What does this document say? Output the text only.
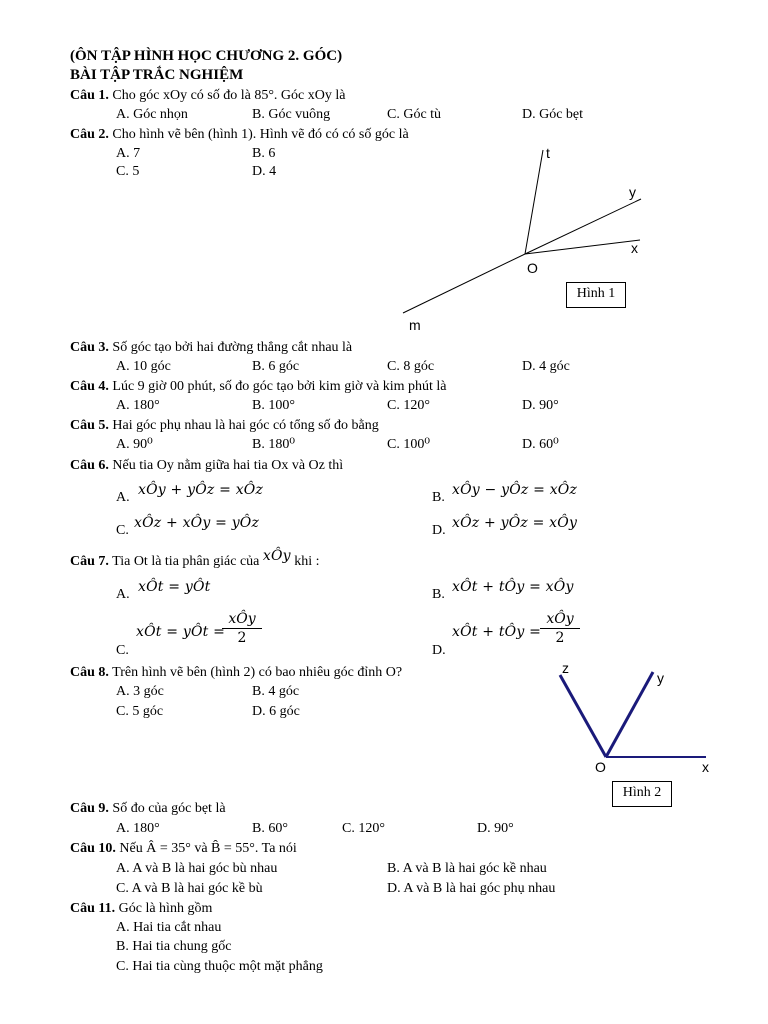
(ÔN TẬP HÌNH HỌC CHƯƠNG 2. GÓC)
BÀI TẬP TRẮC NGHIỆM
Câu 1. Cho góc xOy có số đo là 85°. Góc xOy là
A. Góc nhọn	B. Góc vuông	C. Góc tù	D. Góc bẹt
Câu 2. Cho hình vẽ bên (hình 1). Hình vẽ đó có có số góc là
A. 7	B. 6
C. 5	D. 4
t
y
x
O
m
Hình 1
Câu 3. Số góc tạo bởi hai đường thẳng cắt nhau là
A. 10 góc	B. 6 góc	C. 8 góc	D. 4 góc
Câu 4. Lúc 9 giờ 00 phút, số đo góc tạo bởi kim giờ và kim phút là
A. 180°	B. 100°	C. 120°	D. 90°
Câu 5. Hai góc phụ nhau là hai góc có tổng số đo bằng
A. 90⁰	B. 180⁰	C. 100⁰	D. 60⁰
Câu 6. Nếu tia Oy nằm giữa hai tia Ox và Oz thì
A. xÔy + yÔz = xÔz	B. xÔy − yÔz = xÔz
C. xÔz + xÔy = yÔz	D. xÔz + yÔz = xÔy
Câu 7. Tia Ot là tia phân giác của xÔy khi :
A. xÔt = yÔt	B. xÔt + tÔy = xÔy
C.
xÔt = yÔt =
xÔy
2
D.
xÔt + tÔy =
xÔy
2
Câu 8. Trên hình vẽ bên (hình 2) có bao nhiêu góc đỉnh O?
A. 3 góc	B. 4 góc
C. 5 góc	D. 6 góc
z
y
O	x
Hình 2
Câu 9. Số đo của góc bẹt là
A. 180°	B. 60°	C. 120°	D. 90°
Câu 10. Nếu Â = 35° và B̂ = 55°. Ta nói
A. A và B là hai góc bù nhau	B. A và B là hai góc kề nhau
C. A và B là hai góc kề bù	D. A và B là hai góc phụ nhau
Câu 11. Góc là hình gồm
A. Hai tia cắt nhau
B. Hai tia chung gốc
C. Hai tia cùng thuộc một mặt phẳng
